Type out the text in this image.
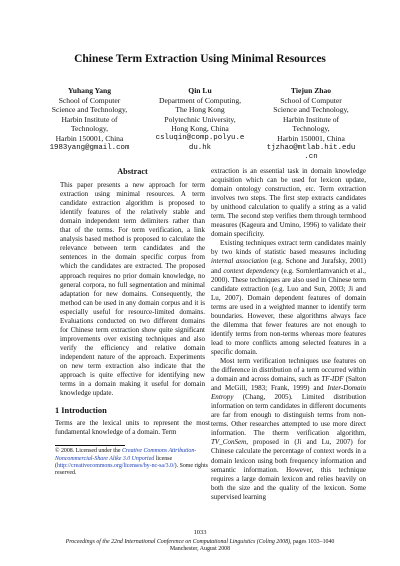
Chinese Term Extraction Using Minimal Resources
Yuhang Yang
School of Computer
Science and Technology,
Harbin Institute of
Technology,
Harbin 150001, China
1983yang@gmail.com
Qin Lu
Department of Computing,
The Hong Kong
Polytechnic University,
Hong Kong, China
csluqin@comp.polyu.e
du.hk
Tiejun Zhao
School of Computer
Science and Technology,
Harbin Institute of
Technology,
Harbin 150001, China
tjzhao@mtlab.hit.edu
.cn

Abstract

This paper presents a new approach for term extraction using minimal resources. A term candidate extraction algorithm is proposed to identify features of the relatively stable and domain independent term delimiters rather than that of the terms. For term verification, a link analysis based method is proposed to calculate the relevance between term candidates and the sentences in the domain specific corpus from which the candidates are extracted. The proposed approach requires no prior domain knowledge, no general corpora, no full segmentation and minimal adaptation for new domains. Consequently, the method can be used in any domain corpus and it is especially useful for resource-limited domains. Evaluations conducted on two different domains for Chinese term extraction show quite significant improvements over existing techniques and also verify the efficiency and relative domain independent nature of the approach. Experiments on new term extraction also indicate that the approach is quite effective for identifying new terms in a domain making it useful for domain knowledge update.

1 Introduction

Terms are the lexical units to represent the most fundamental knowledge of a domain. Term

© 2008. Licensed under the Creative Commons Attribution-Noncommercial-Share Alike 3.0 Unported license (http://creativecommons.org/licenses/by-nc-sa/3.0/). Some rights reserved.

extraction is an essential task in domain knowledge acquisition which can be used for lexicon update, domain ontology construction, etc. Term extraction involves two steps. The first step extracts candidates by unithood calculation to qualify a string as a valid term. The second step verifies them through termhood measures (Kageura and Umino, 1996) to validate their domain specificity.

Existing techniques extract term candidates mainly by two kinds of statistic based measures including internal association (e.g. Schone and Jurafsky, 2001) and context dependency (e.g. Sornlertlamvanich et al., 2000). These techniques are also used in Chinese term candidate extraction (e.g. Luo and Sun, 2003; Ji and Lu, 2007). Domain dependent features of domain terms are used in a weighted manner to identify term boundaries. However, these algorithms always face the dilemma that fewer features are not enough to identify terms from non-terms whereas more features lead to more conflicts among selected features in a specific domain.

Most term verification techniques use features on the difference in distribution of a term occurred within a domain and across domains, such as TF-IDF (Salton and McGill, 1983; Frank, 1999) and Inter-Domain Entropy (Chang, 2005). Limited distribution information on term candidates in different documents are far from enough to distinguish terms from non-terms. Other researches attempted to use more direct information. The therm verification algorithm, TV_ConSem, proposed in (Ji and Lu, 2007) for Chinese calculate the percentage of context words in a domain lexicon using both frequency information and semantic information. However, this technique requires a large domain lexicon and relies heavily on both the size and the quality of the lexicon. Some supervised learning

1033
Proceedings of the 22nd International Conference on Computational Linguistics (Coling 2008), pages 1033–1040
Manchester, August 2008
